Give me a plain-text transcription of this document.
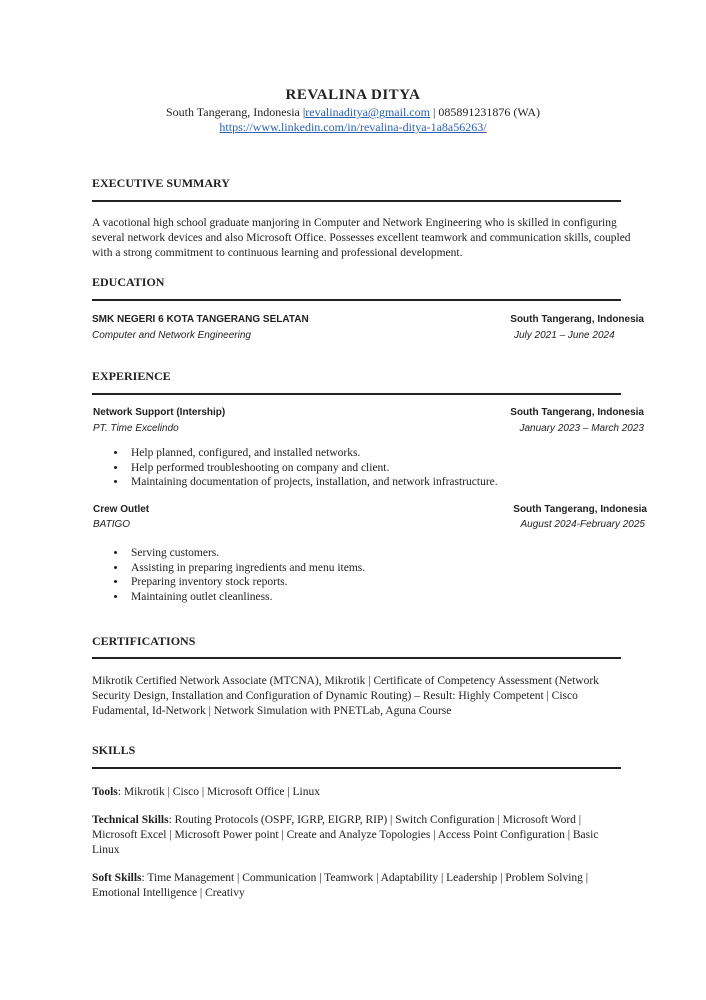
REVALINA DITYA
South Tangerang, Indonesia |revalinaditya@gmail.com | 085891231876 (WA)
https://www.linkedin.com/in/revalina-ditya-1a8a56263/
EXECUTIVE SUMMARY
A vacotional high school graduate manjoring in Computer and Network Engineering who is skilled in configuring several network devices and also Microsoft Office. Possesses excellent teamwork and communication skills, coupled with a strong commitment to continuous learning and professional development.
EDUCATION
SMK NEGERI 6 KOTA TANGERANG SELATAN	South Tangerang, Indonesia
Computer and Network Engineering	July 2021 – June 2024
EXPERIENCE
Network Support (Intership)	South Tangerang, Indonesia
PT. Time Excelindo	January 2023 – March 2023
• Help planned, configured, and installed networks.
• Help performed troubleshooting on company and client.
• Maintaining documentation of projects, installation, and network infrastructure.
Crew Outlet	South Tangerang, Indonesia
BATIGO	August 2024-February 2025
• Serving customers.
• Assisting in preparing ingredients and menu items.
• Preparing inventory stock reports.
• Maintaining outlet cleanliness.
CERTIFICATIONS
Mikrotik Certified Network Associate (MTCNA), Mikrotik | Certificate of Competency Assessment (Network Security Design, Installation and Configuration of Dynamic Routing) – Result: Highly Competent | Cisco Fudamental, Id-Network | Network Simulation with PNETLab, Aguna Course
SKILLS
Tools: Mikrotik | Cisco | Microsoft Office | Linux
Technical Skills: Routing Protocols (OSPF, IGRP, EIGRP, RIP) | Switch Configuration | Microsoft Word | Microsoft Excel | Microsoft Power point | Create and Analyze Topologies | Access Point Configuration | Basic Linux
Soft Skills: Time Management | Communication | Teamwork | Adaptability | Leadership | Problem Solving | Emotional Intelligence | Creativy
